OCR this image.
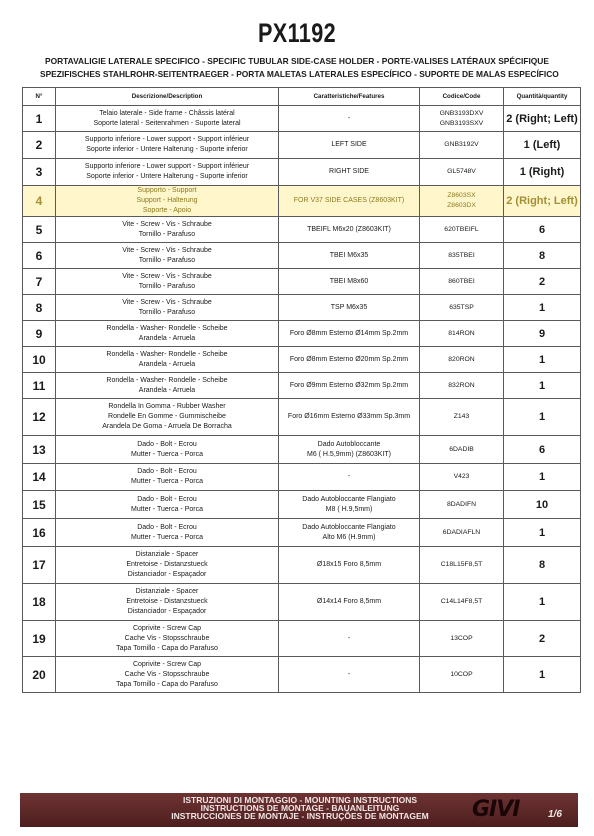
PX1192
PORTAVALIGIE LATERALE SPECIFICO - SPECIFIC TUBULAR SIDE-CASE HOLDER - PORTE-VALISES LATÉRAUX SPÉCIFIQUE
SPEZIFISCHES STAHLROHR-SEITENTRAEGER - PORTA MALETAS LATERALES ESPECÍFICO - SUPORTE DE MALAS ESPECÍFICO
N°	Descrizione/Description	Caratteristiche/Features	Codice/Code	Quantità/quantity
1	Telaio laterale - Side frame - Châssis latéral
Soporte lateral - Seitenrahmen - Suporte lateral	-	GNB3193DXV
GNB3193SXV	2 (Right; Left)
2	Supporto inferiore - Lower support - Support inférieur
Soporte inferior - Untere Halterung - Suporte inferior	LEFT SIDE	GNB3192V	1 (Left)
3	Supporto inferiore - Lower support - Support inférieur
Soporte inferior - Untere Halterung - Suporte inferior	RIGHT SIDE	GL5748V	1 (Right)
4	Supporto - Support
Support - Halterung
Soporte - Apoio	FOR V37 SIDE CASES (Z8603KIT)	Z8603SX
Z8603DX	2 (Right; Left)
5	Vite - Screw - Vis - Schraube
Tornillo - Parafuso	TBEIFL M6x20 (Z8603KIT)	620TBEIFL	6
6	Vite - Screw - Vis - Schraube
Tornillo - Parafuso	TBEI M6x35	835TBEI	8
7	Vite - Screw - Vis - Schraube
Tornillo - Parafuso	TBEI M8x60	860TBEI	2
8	Vite - Screw - Vis - Schraube
Tornillo - Parafuso	TSP M6x35	635TSP	1
9	Rondella - Washer- Rondelle - Scheibe
Arandela - Arruela	Foro Ø8mm Esterno Ø14mm Sp.2mm	814RON	9
10	Rondella - Washer- Rondelle - Scheibe
Arandela - Arruela	Foro Ø8mm Esterno Ø20mm Sp.2mm	820RON	1
11	Rondella - Washer- Rondelle - Scheibe
Arandela - Arruela	Foro Ø9mm Esterno Ø32mm Sp.2mm	832RON	1
12	Rondella In Gomma - Rubber Washer
Rondelle En Gomme - Gummischeibe
Arandela De Goma - Arruela De Borracha	Foro Ø16mm Esterno Ø33mm Sp.3mm	Z143	1
13	Dado - Bolt - Ecrou
Mutter - Tuerca - Porca	Dado Autobloccante
M6 ( H.5,9mm) (Z8603KIT)	6DADIB	6
14	Dado - Bolt - Ecrou
Mutter - Tuerca - Porca	-	V423	1
15	Dado - Bolt - Ecrou
Mutter - Tuerca - Porca	Dado Autobloccante Flangiato
M8 ( H.9,5mm)	8DADIFN	10
16	Dado - Bolt - Ecrou
Mutter - Tuerca - Porca	Dado Autobloccante Flangiato
Alto M6 (H.9mm)	6DADIAFLN	1
17	Distanziale - Spacer
Entretoise - Distanzstueck
Distanciador - Espaçador	Ø18x15 Foro 8,5mm	C18L15F8,5T	8
18	Distanziale - Spacer
Entretoise - Distanzstueck
Distanciador - Espaçador	Ø14x14 Foro 8,5mm	C14L14F8,5T	1
19	Coprivite - Screw Cap
Cache Vis - Stopsschraube
Tapa Tornillo - Capa do Parafuso	-	13COP	2
20	Coprivite - Screw Cap
Cache Vis - Stopsschraube
Tapa Tornillo - Capa do Parafuso	-	10COP	1
ISTRUZIONI DI MONTAGGIO - MOUNTING INSTRUCTIONS
INSTRUCTIONS DE MONTAGE - BAUANLEITUNG
INSTRUCCIONES DE MONTAJE - INSTRUÇÕES DE MONTAGEM GIVI	1/6
